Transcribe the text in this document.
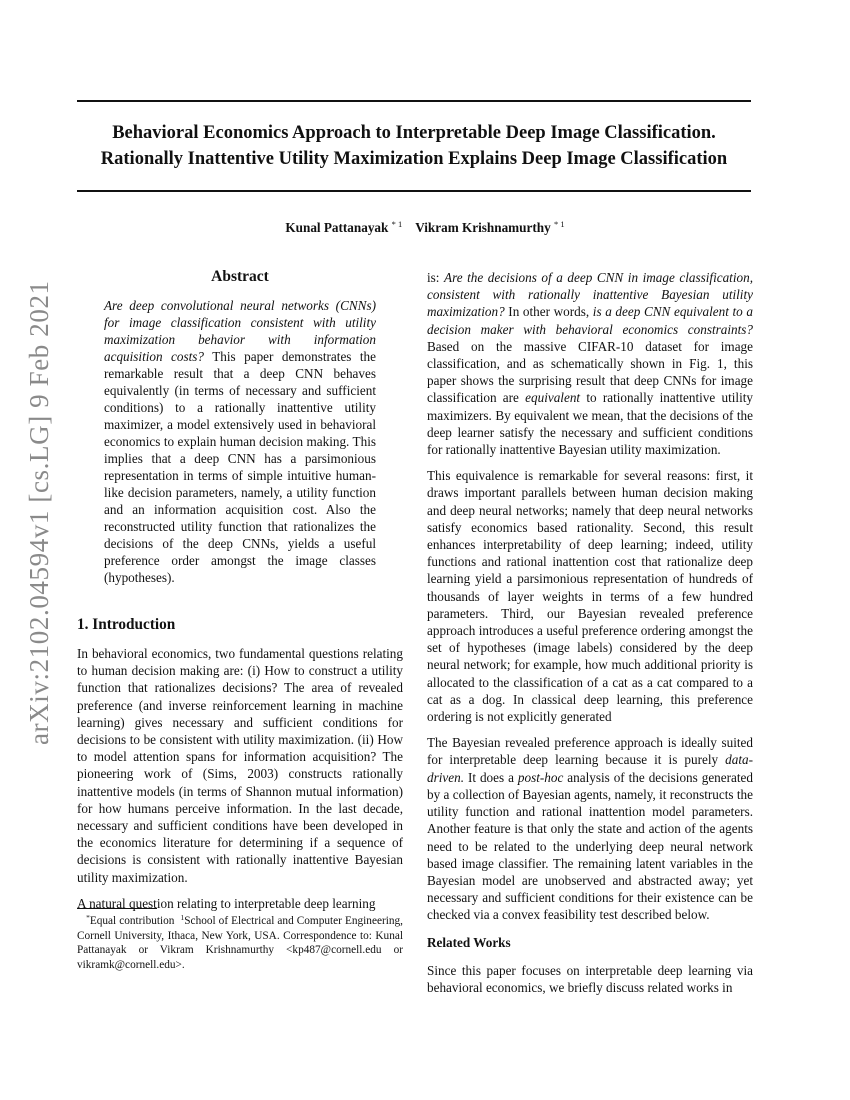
arXiv:2102.04594v1 [cs.LG] 9 Feb 2021
Behavioral Economics Approach to Interpretable Deep Image Classification.
Rationally Inattentive Utility Maximization Explains Deep Image Classification
Kunal Pattanayak $^{* 1}$ Vikram Krishnamurthy $^{* 1}$
Abstract
Are deep convolutional neural networks (CNNs) for image classification consistent with utility maximization behavior with information acquisition costs? This paper demonstrates the remarkable result that a deep CNN behaves equivalently (in terms of necessary and sufficient conditions) to a rationally inattentive utility maximizer, a model extensively used in behavioral economics to explain human decision making. This implies that a deep CNN has a parsimonious representation in terms of simple intuitive human-like decision parameters, namely, a utility function and an information acquisition cost. Also the reconstructed utility function that rationalizes the decisions of the deep CNNs, yields a useful preference order amongst the image classes (hypotheses).
1. Introduction

In behavioral economics, two fundamental questions relating to human decision making are: (i) How to construct a utility function that rationalizes decisions? The area of revealed preference (and inverse reinforcement learning in machine learning) gives necessary and sufficient conditions for decisions to be consistent with utility maximization. (ii) How to model attention spans for information acquisition? The pioneering work of (Sims, 2003) constructs rationally inattentive models (in terms of Shannon mutual information) for how humans perceive information. In the last decade, necessary and sufficient conditions have been developed in the economics literature for determining if a sequence of decisions is consistent with rationally inattentive Bayesian utility maximization.

A natural question relating to interpretable deep learning

*Equal contribution $^1$School of Electrical and Computer Engineering, Cornell University, Ithaca, New York, USA. Correspondence to: Kunal Pattanayak or Vikram Krishnamurthy <kp487@cornell.edu or vikramk@cornell.edu>.

is: Are the decisions of a deep CNN in image classification, consistent with rationally inattentive Bayesian utility maximization? In other words, is a deep CNN equivalent to a decision maker with behavioral economics constraints? Based on the massive CIFAR-10 dataset for image classification, and as schematically shown in Fig. 1, this paper shows the surprising result that deep CNNs for image classification are equivalent to rationally inattentive utility maximizers. By equivalent we mean, that the decisions of the deep learner satisfy the necessary and sufficient conditions for rationally inattentive Bayesian utility maximization.

This equivalence is remarkable for several reasons: first, it draws important parallels between human decision making and deep neural networks; namely that deep neural networks satisfy economics based rationality. Second, this result enhances interpretability of deep learning; indeed, utility functions and rational inattention cost that rationalize deep learning yield a parsimonious representation of hundreds of thousands of layer weights in terms of a few hundred parameters. Third, our Bayesian revealed preference approach introduces a useful preference ordering amongst the set of hypotheses (image labels) considered by the deep neural network; for example, how much additional priority is allocated to the classification of a cat as a cat compared to a cat as a dog. In classical deep learning, this preference ordering is not explicitly generated

The Bayesian revealed preference approach is ideally suited for interpretable deep learning because it is purely data-driven. It does a post-hoc analysis of the decisions generated by a collection of Bayesian agents, namely, it reconstructs the utility function and rational inattention model parameters. Another feature is that only the state and action of the agents need to be related to the underlying deep neural network based image classifier. The remaining latent variables in the Bayesian model are unobserved and abstracted away; yet necessary and sufficient conditions for their existence can be checked via a convex feasibility test described below.

Related Works

Since this paper focuses on interpretable deep learning via behavioral economics, we briefly discuss related works in
